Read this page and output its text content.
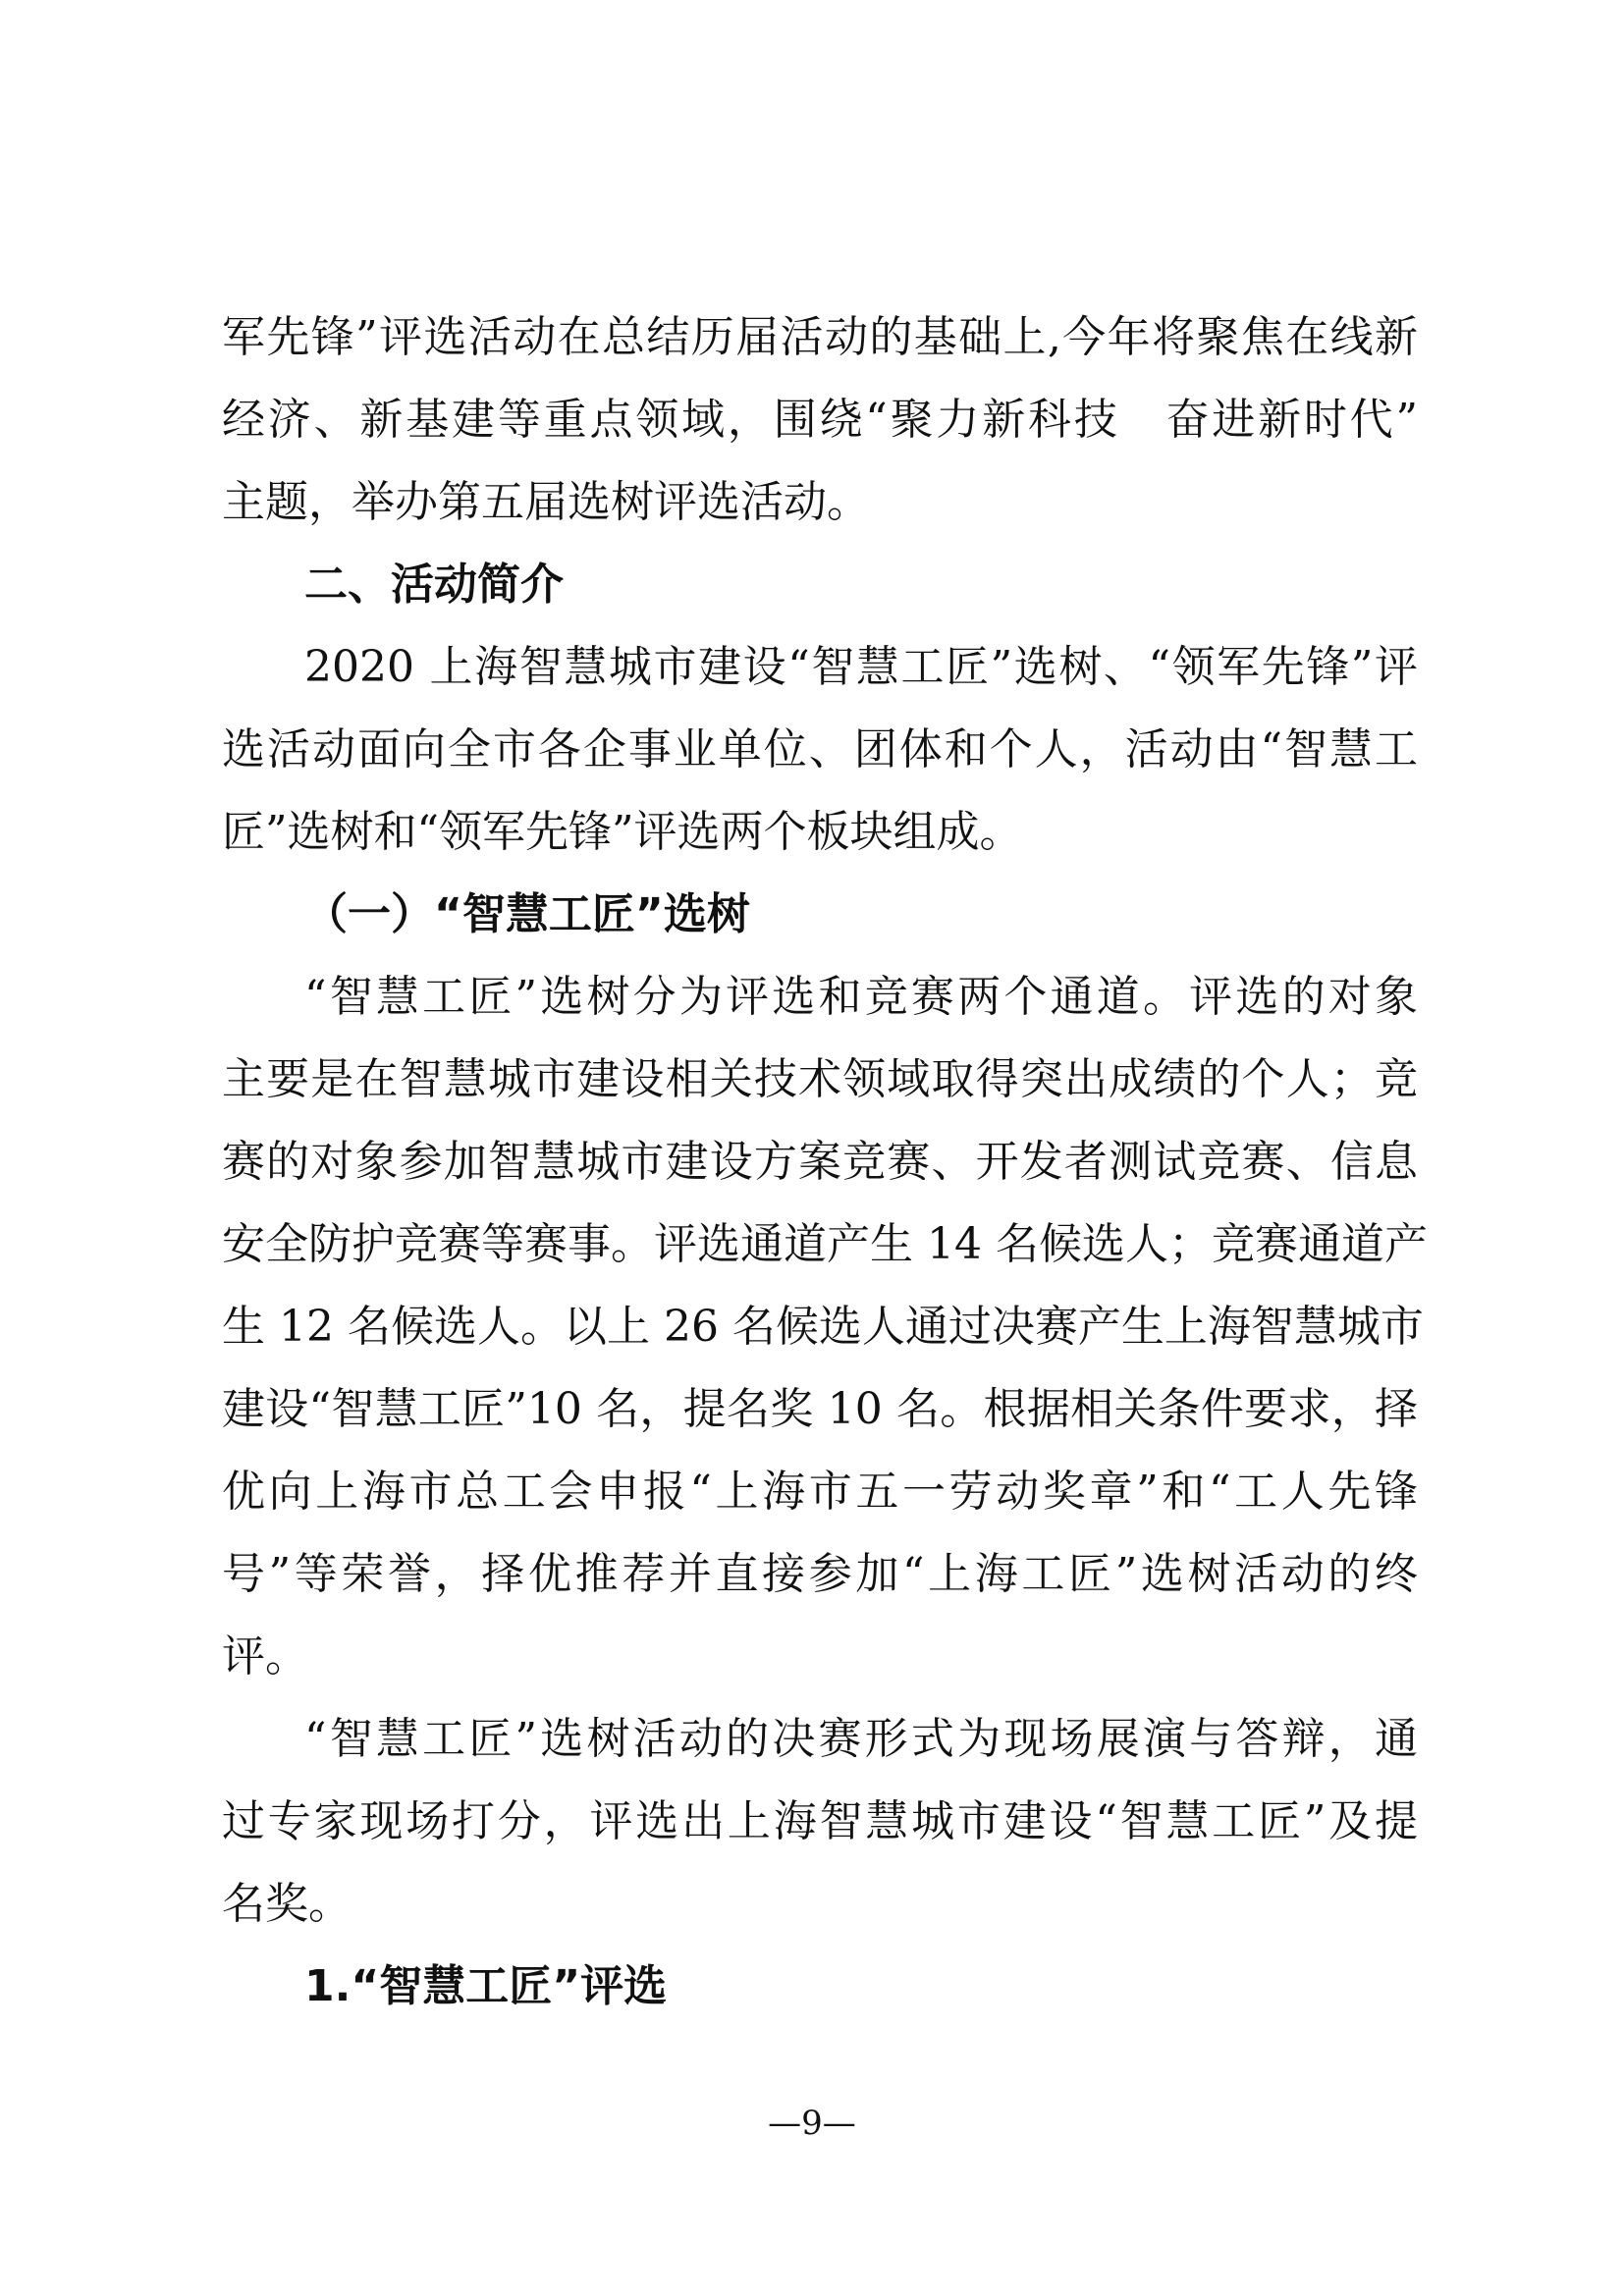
军先锋”评选活动在总结历届活动的基础上,今年将聚焦在线新

经济、新基建等重点领域，围绕“聚力新科技　奋进新时代”

主题，举办第五届选树评选活动。

二、活动简介

2020 上海智慧城市建设“智慧工匠”选树、“领军先锋”评

选活动面向全市各企事业单位、团体和个人，活动由“智慧工

匠”选树和“领军先锋”评选两个板块组成。

（一）“智慧工匠”选树

“智慧工匠”选树分为评选和竞赛两个通道。评选的对象

主要是在智慧城市建设相关技术领域取得突出成绩的个人；竞

赛的对象参加智慧城市建设方案竞赛、开发者测试竞赛、信息

安全防护竞赛等赛事。评选通道产生 14 名候选人；竞赛通道产

生 12 名候选人。以上 26 名候选人通过决赛产生上海智慧城市

建设“智慧工匠”10 名，提名奖 10 名。根据相关条件要求，择

优向上海市总工会申报“上海市五一劳动奖章”和“工人先锋

号”等荣誉，择优推荐并直接参加“上海工匠”选树活动的终

评。

“智慧工匠”选树活动的决赛形式为现场展演与答辩，通

过专家现场打分，评选出上海智慧城市建设“智慧工匠”及提

名奖。

1.“智慧工匠”评选

—9—
